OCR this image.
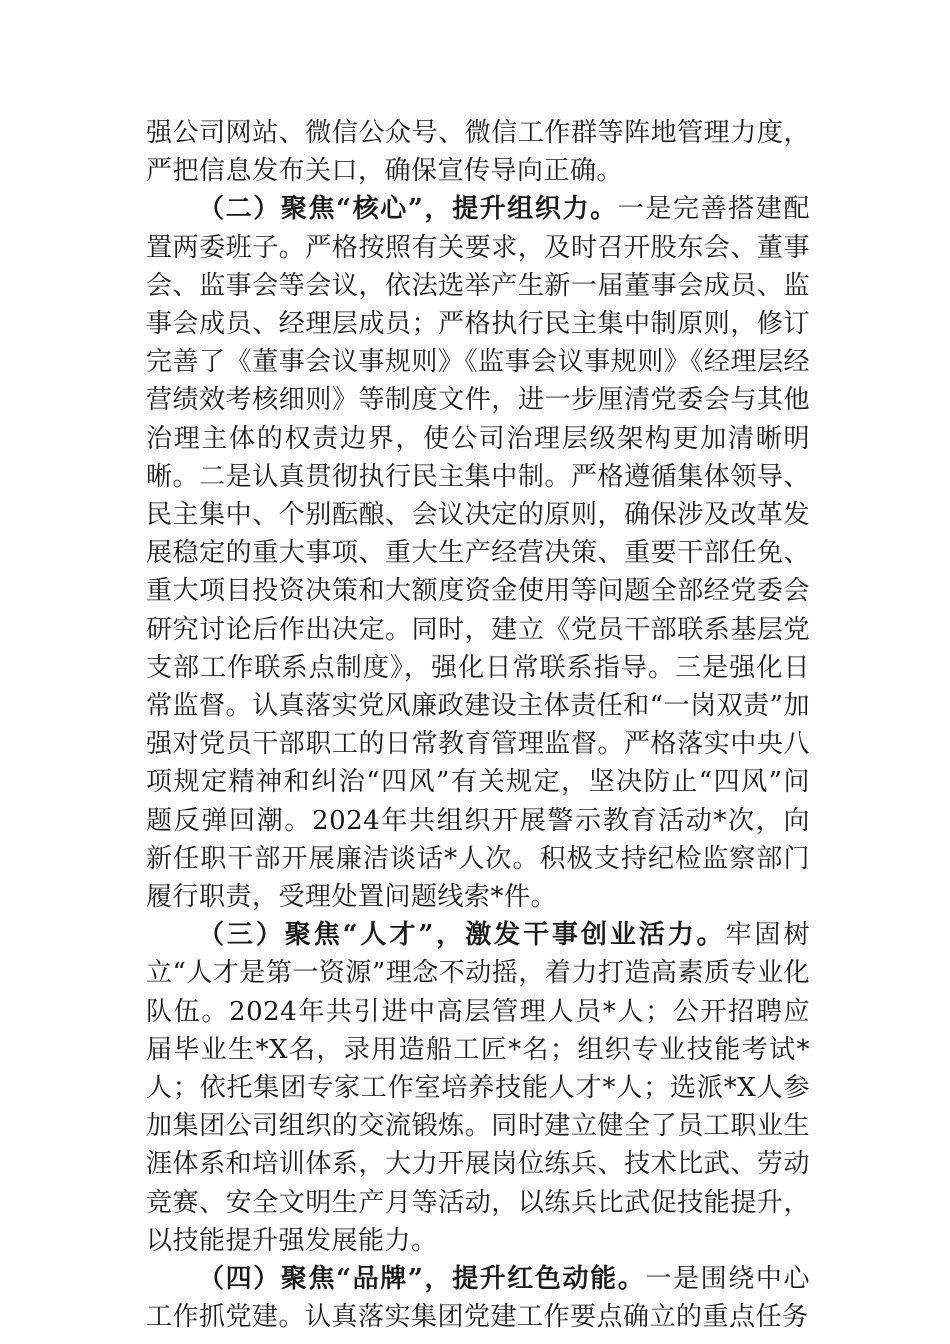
强公司网站、微信公众号、微信工作群等阵地管理力度，严把信息发布关口，确保宣传导向正确。

（二）聚焦“核心”，提升组织力。一是完善搭建配置两委班子。严格按照有关要求，及时召开股东会、董事会、监事会等会议，依法选举产生新一届董事会成员、监事会成员、经理层成员；严格执行民主集中制原则，修订完善了《董事会议事规则》《监事会议事规则》《经理层经营绩效考核细则》等制度文件，进一步厘清党委会与其他治理主体的权责边界，使公司治理层级架构更加清晰明晰。二是认真贯彻执行民主集中制。严格遵循集体领导、民主集中、个别酝酿、会议决定的原则，确保涉及改革发展稳定的重大事项、重大生产经营决策、重要干部任免、重大项目投资决策和大额度资金使用等问题全部经党委会研究讨论后作出决定。同时，建立《党员干部联系基层党支部工作联系点制度》，强化日常联系指导。三是强化日常监督。认真落实党风廉政建设主体责任和“一岗双责”加强对党员干部职工的日常教育管理监督。严格落实中央八项规定精神和纠治“四风”有关规定，坚决防止“四风”问题反弹回潮。2024年共组织开展警示教育活动*次，向新任职干部开展廉洁谈话*人次。积极支持纪检监察部门履行职责，受理处置问题线索*件。

（三）聚焦“人才”，激发干事创业活力。牢固树立“人才是第一资源”理念不动摇，着力打造高素质专业化队伍。2024年共引进中高层管理人员*人；公开招聘应届毕业生*X名，录用造船工匠*名；组织专业技能考试*人；依托集团专家工作室培养技能人才*人；选派*X人参加集团公司组织的交流锻炼。同时建立健全了员工职业生涯体系和培训体系，大力开展岗位练兵、技术比武、劳动竞赛、安全文明生产月等活动，以练兵比武促技能提升，以技能提升强发展能力。

（四）聚焦“品牌”，提升红色动能。一是围绕中心工作抓党建。认真落实集团党建工作要点确立的重点任务
